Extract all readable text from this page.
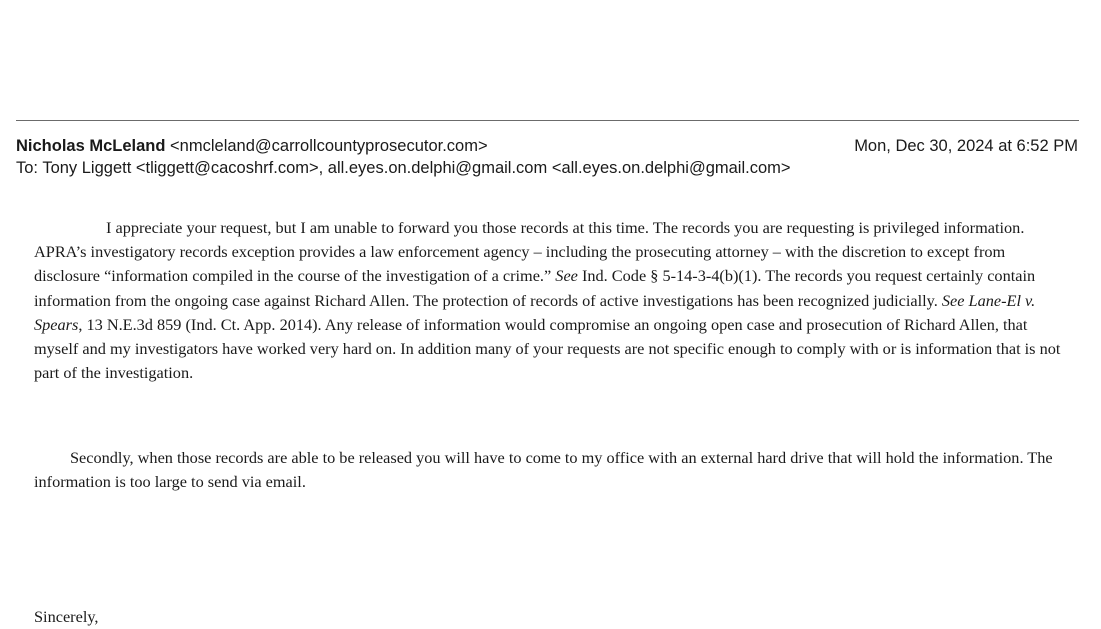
Nicholas McLeland <nmcleland@carrollcountyprosecutor.com>	Mon, Dec 30, 2024 at 6:52 PM
To: Tony Liggett <tliggett@cacoshrf.com>, all.eyes.on.delphi@gmail.com <all.eyes.on.delphi@gmail.com>

I appreciate your request, but I am unable to forward you those records at this time. The records you are requesting is privileged information. APRA’s investigatory records exception provides a law enforcement agency – including the prosecuting attorney – with the discretion to except from disclosure “information compiled in the course of the investigation of a crime.” See Ind. Code § 5-14-3-4(b)(1). The records you request certainly contain information from the ongoing case against Richard Allen. The protection of records of active investigations has been recognized judicially. See Lane-El v. Spears, 13 N.E.3d 859 (Ind. Ct. App. 2014). Any release of information would compromise an ongoing open case and prosecution of Richard Allen, that myself and my investigators have worked very hard on. In addition many of your requests are not specific enough to comply with or is information that is not part of the investigation.

Secondly, when those records are able to be released you will have to come to my office with an external hard drive that will hold the information. The information is too large to send via email.

Sincerely,
